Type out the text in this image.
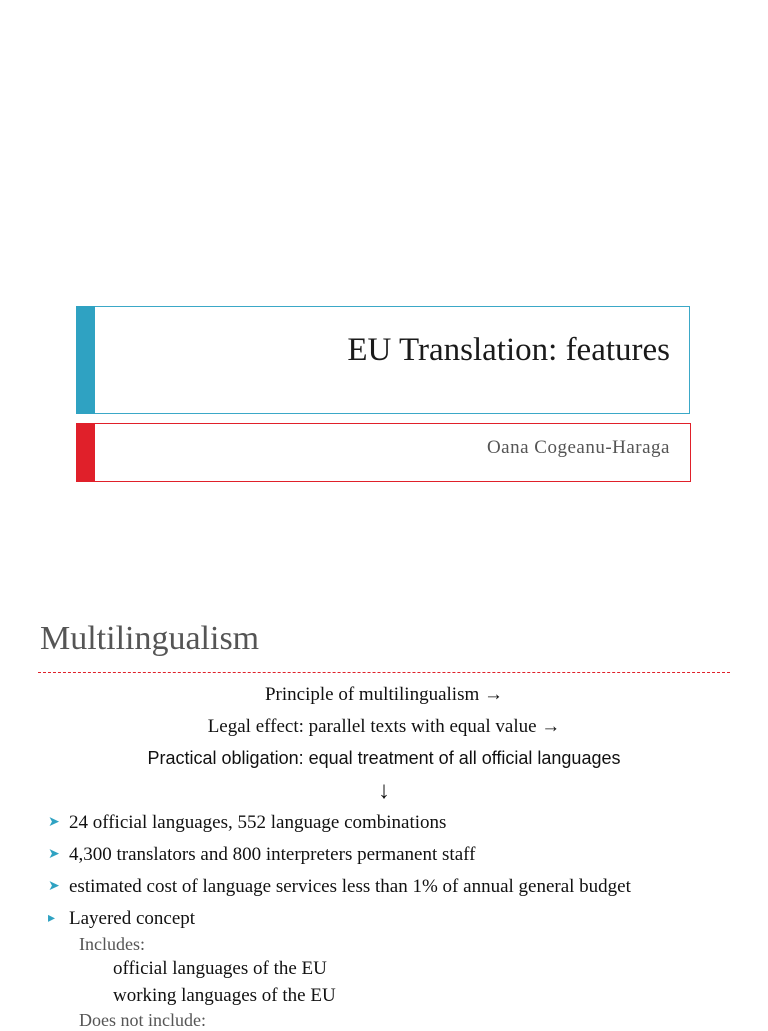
EU Translation: features
Oana Cogeanu-Haraga
Multilingualism
Principle of multilingualism →
Legal effect: parallel texts with equal value →
Practical obligation: equal treatment of all official languages
↓
➤ 24 official languages, 552 language combinations
➤ 4,300 translators and 800 interpreters permanent staff
➤ estimated cost of language services less than 1% of annual general budget
▸ Layered concept
Includes:
official languages of the EU
working languages of the EU
Does not include:
